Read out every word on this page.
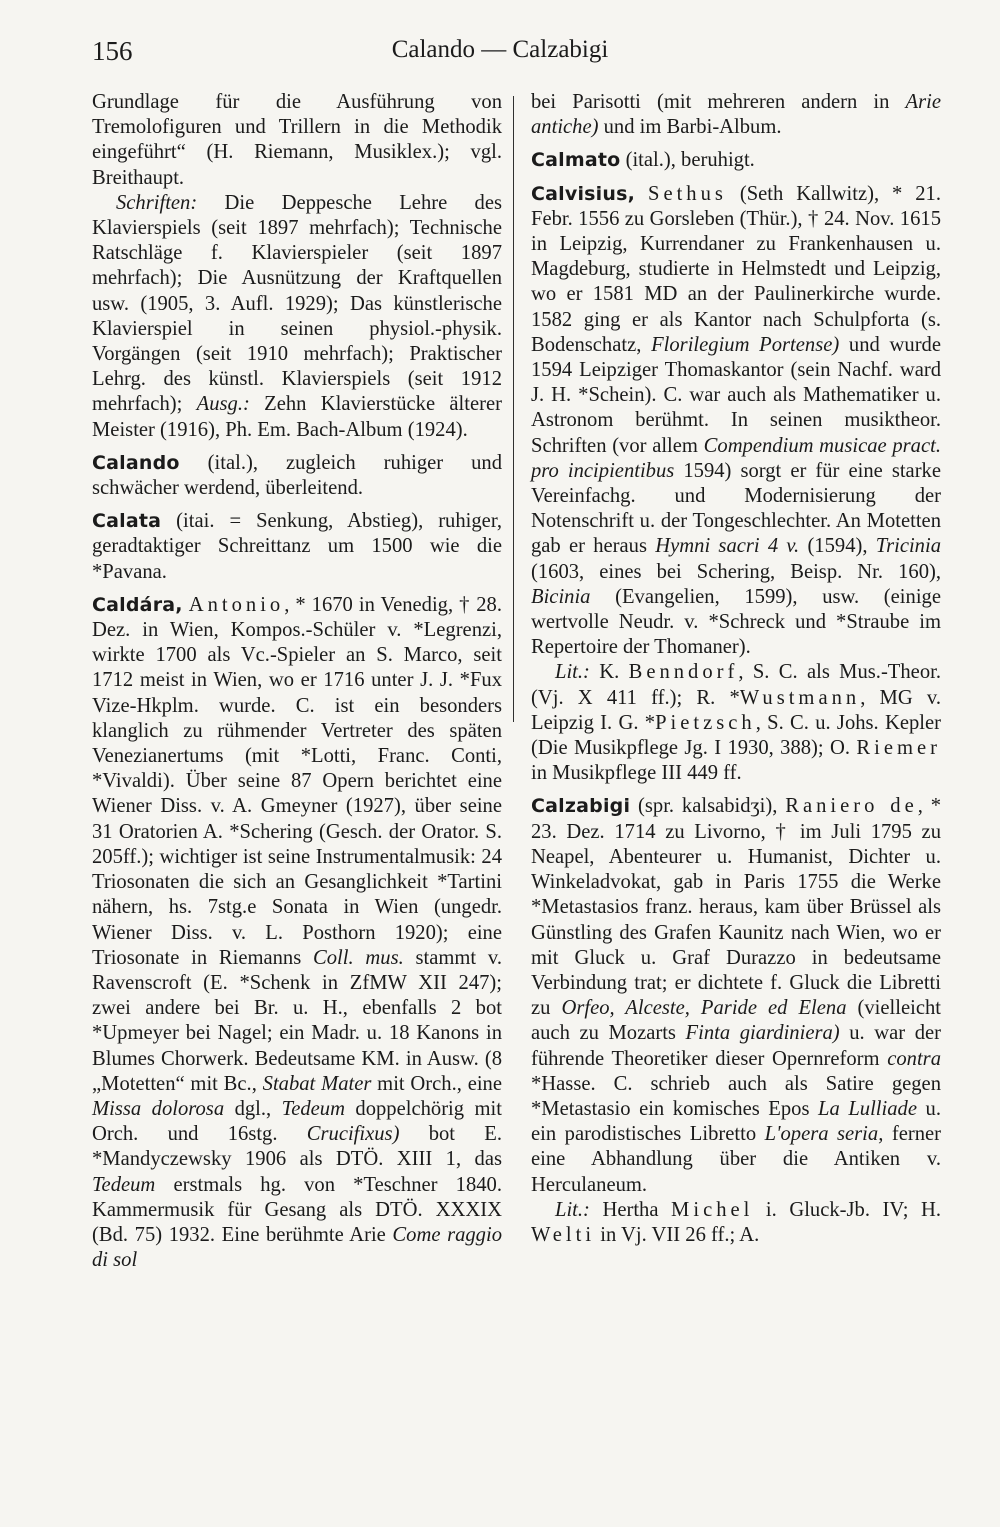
156	Calando — Calzabigi

Grundlage für die Ausführung von Tremolofiguren und Trillern in die Methodik eingeführt“ (H. Riemann, Musiklex.); vgl. Breithaupt.

Schriften: Die Deppesche Lehre des Klavierspiels (seit 1897 mehrfach); Technische Ratschläge f. Klavierspieler (seit 1897 mehrfach); Die Ausnützung der Kraftquellen usw. (1905, 3. Aufl. 1929); Das künstlerische Klavierspiel in seinen physiol.-physik. Vorgängen (seit 1910 mehrfach); Praktischer Lehrg. des künstl. Klavierspiels (seit 1912 mehrfach); Ausg.: Zehn Klavierstücke älterer Meister (1916), Ph. Em. Bach-Album (1924).

Calando (ital.), zugleich ruhiger und schwächer werdend, überleitend.

Calata (itai. = Senkung, Abstieg), ruhiger, geradtaktiger Schreittanz um 1500 wie die *Pavana.

Caldára, Antonio, * 1670 in Venedig, † 28. Dez. in Wien, Kompos.-Schüler v. *Legrenzi, wirkte 1700 als Vc.-Spieler an S. Marco, seit 1712 meist in Wien, wo er 1716 unter J. J. *Fux Vize-Hkplm. wurde. C. ist ein besonders klanglich zu rühmender Vertreter des späten Venezianertums (mit *Lotti, Franc. Conti, *Vivaldi). Über seine 87 Opern berichtet eine Wiener Diss. v. A. Gmeyner (1927), über seine 31 Oratorien A. *Schering (Gesch. der Orator. S. 205ff.); wichtiger ist seine Instrumentalmusik: 24 Triosonaten die sich an Gesanglichkeit *Tartini nähern, hs. 7stg.e Sonata in Wien (ungedr. Wiener Diss. v. L. Posthorn 1920); eine Triosonate in Riemanns Coll. mus. stammt v. Ravenscroft (E. *Schenk in ZfMW XII 247); zwei andere bei Br. u. H., ebenfalls 2 bot *Upmeyer bei Nagel; ein Madr. u. 18 Kanons in Blumes Chorwerk. Bedeutsame KM. in Ausw. (8 „Motetten“ mit Bc., Stabat Mater mit Orch., eine Missa dolorosa dgl., Tedeum doppelchörig mit Orch. und 16stg. Crucifixus) bot E. *Mandyczewsky 1906 als DTÖ. XIII 1, das Tedeum erstmals hg. von *Teschner 1840. Kammermusik für Gesang als DTÖ. XXXIX (Bd. 75) 1932. Eine berühmte Arie Come raggio di sol

bei Parisotti (mit mehreren andern in Arie antiche) und im Barbi-Album.

Calmato (ital.), beruhigt.

Calvisius, Sethus (Seth Kallwitz), * 21. Febr. 1556 zu Gorsleben (Thür.), † 24. Nov. 1615 in Leipzig, Kurrendaner zu Frankenhausen u. Magdeburg, studierte in Helmstedt und Leipzig, wo er 1581 MD an der Paulinerkirche wurde. 1582 ging er als Kantor nach Schulpforta (s. Bodenschatz, Florilegium Portense) und wurde 1594 Leipziger Thomaskantor (sein Nachf. ward J. H. *Schein). C. war auch als Mathematiker u. Astronom berühmt. In seinen musiktheor. Schriften (vor allem Compendium musicae pract. pro incipientibus 1594) sorgt er für eine starke Vereinfachg. und Modernisierung der Notenschrift u. der Tongeschlechter. An Motetten gab er heraus Hymni sacri 4 v. (1594), Tricinia (1603, eines bei Schering, Beisp. Nr. 160), Bicinia (Evangelien, 1599), usw. (einige wertvolle Neudr. v. *Schreck und *Straube im Repertoire der Thomaner).

Lit.: K. Benndorf, S. C. als Mus.-Theor. (Vj. X 411 ff.); R. *Wustmann, MG v. Leipzig I. G. *Pietzsch, S. C. u. Johs. Kepler (Die Musikpflege Jg. I 1930, 388); O. Riemer in Musikpflege III 449 ff.

Calzabigi (spr. kalsabidʒi), Raniero de, * 23. Dez. 1714 zu Livorno, † im Juli 1795 zu Neapel, Abenteurer u. Humanist, Dichter u. Winkeladvokat, gab in Paris 1755 die Werke *Metastasios franz. heraus, kam über Brüssel als Günstling des Grafen Kaunitz nach Wien, wo er mit Gluck u. Graf Durazzo in bedeutsame Verbindung trat; er dichtete f. Gluck die Libretti zu Orfeo, Alceste, Paride ed Elena (vielleicht auch zu Mozarts Finta giardiniera) u. war der führende Theoretiker dieser Opernreform contra *Hasse. C. schrieb auch als Satire gegen *Metastasio ein komisches Epos La Lulliade u. ein parodistisches Libretto L'opera seria, ferner eine Abhandlung über die Antiken v. Herculaneum.

Lit.: Hertha Michel i. Gluck-Jb. IV; H. Welti in Vj. VII 26 ff.; A.
